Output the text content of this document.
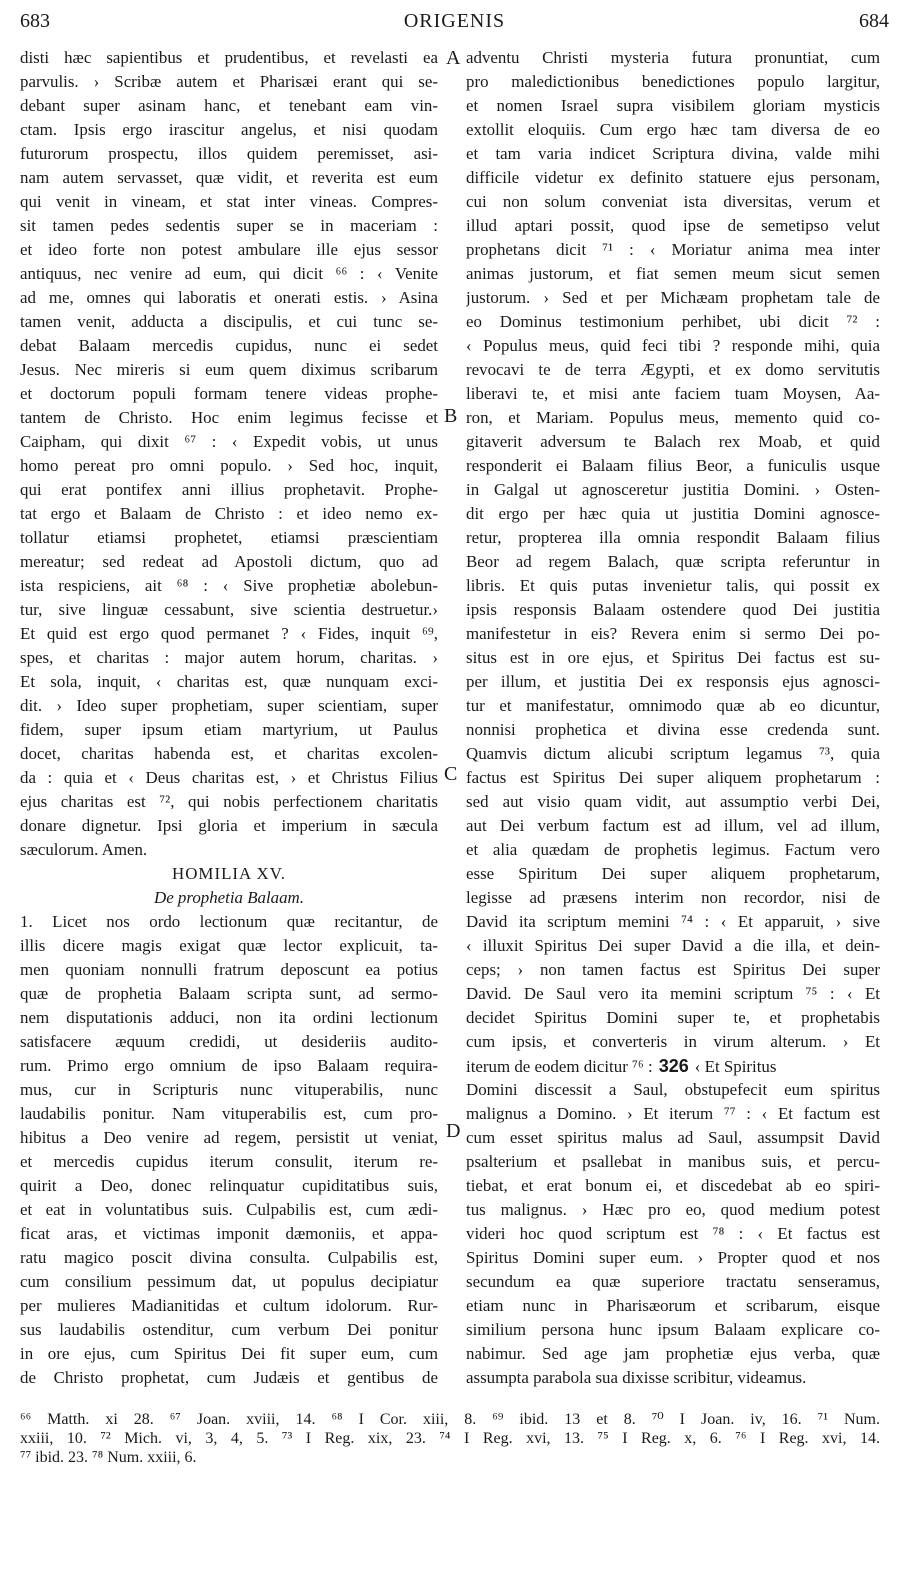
683	ORIGENIS	684
A
B
C
D
disti hæc sapientibus et prudentibus, et revelasti ea
parvulis. › Scribæ autem et Pharisæi erant qui se-
debant super asinam hanc, et tenebant eam vin-
ctam. Ipsis ergo irascitur angelus, et nisi quodam
futurorum prospectu, illos quidem peremisset, asi-
nam autem servasset, quæ vidit, et reverita est eum
qui venit in vineam, et stat inter vineas. Compres-
sit tamen pedes sedentis super se in maceriam :
et ideo forte non potest ambulare ille ejus sessor
antiquus, nec venire ad eum, qui dicit ⁶⁶ : ‹ Venite
ad me, omnes qui laboratis et onerati estis. › Asina
tamen venit, adducta a discipulis, et cui tunc se-
debat Balaam mercedis cupidus, nunc ei sedet
Jesus. Nec mireris si eum quem diximus scribarum
et doctorum populi formam tenere videas prophe-
tantem de Christo. Hoc enim legimus fecisse et
Caipham, qui dixit ⁶⁷ : ‹ Expedit vobis, ut unus
homo pereat pro omni populo. › Sed hoc, inquit,
qui erat pontifex anni illius prophetavit. Prophe-
tat ergo et Balaam de Christo : et ideo nemo ex-
tollatur etiamsi prophetet, etiamsi præscientiam
mereatur; sed redeat ad Apostoli dictum, quo ad
ista respiciens, ait ⁶⁸ : ‹ Sive prophetiæ abolebun-
tur, sive linguæ cessabunt, sive scientia destruetur.›
Et quid est ergo quod permanet ? ‹ Fides, inquit ⁶⁹,
spes, et charitas : major autem horum, charitas. ›
Et sola, inquit, ‹ charitas est, quæ nunquam exci-
dit. › Ideo super prophetiam, super scientiam, super
fidem, super ipsum etiam martyrium, ut Paulus
docet, charitas habenda est, et charitas excolen-
da : quia et ‹ Deus charitas est, › et Christus Filius
ejus charitas est ⁷², qui nobis perfectionem charitatis
donare dignetur. Ipsi gloria et imperium in sæcula
sæculorum. Amen.
HOMILIA XV.
De prophetia Balaam.
1. Licet nos ordo lectionum quæ recitantur, de
illis dicere magis exigat quæ lector explicuit, ta-
men quoniam nonnulli fratrum deposcunt ea potius
quæ de prophetia Balaam scripta sunt, ad sermo-
nem disputationis adduci, non ita ordini lectionum
satisfacere æquum credidi, ut desideriis audito-
rum. Primo ergo omnium de ipso Balaam requira-
mus, cur in Scripturis nunc vituperabilis, nunc
laudabilis ponitur. Nam vituperabilis est, cum pro-
hibitus a Deo venire ad regem, persistit ut veniat,
et mercedis cupidus iterum consulit, iterum re-
quirit a Deo, donec relinquatur cupiditatibus suis,
et eat in voluntatibus suis. Culpabilis est, cum ædi-
ficat aras, et victimas imponit dæmoniis, et appa-
ratu magico poscit divina consulta. Culpabilis est,
cum consilium pessimum dat, ut populus decipiatur
per mulieres Madianitidas et cultum idolorum. Rur-
sus laudabilis ostenditur, cum verbum Dei ponitur
in ore ejus, cum Spiritus Dei fit super eum, cum
de Christo prophetat, cum Judæis et gentibus de
adventu Christi mysteria futura pronuntiat, cum
pro maledictionibus benedictiones populo largitur,
et nomen Israel supra visibilem gloriam mysticis
extollit eloquiis. Cum ergo hæc tam diversa de eo
et tam varia indicet Scriptura divina, valde mihi
difficile videtur ex definito statuere ejus personam,
cui non solum conveniat ista diversitas, verum et
illud aptari possit, quod ipse de semetipso velut
prophetans dicit ⁷¹ : ‹ Moriatur anima mea inter
animas justorum, et fiat semen meum sicut semen
justorum. › Sed et per Michæam prophetam tale de
eo Dominus testimonium perhibet, ubi dicit ⁷² :
‹ Populus meus, quid feci tibi ? responde mihi, quia
revocavi te de terra Ægypti, et ex domo servitutis
liberavi te, et misi ante faciem tuam Moysen, Aa-
ron, et Mariam. Populus meus, memento quid co-
gitaverit adversum te Balach rex Moab, et quid
responderit ei Balaam filius Beor, a funiculis usque
in Galgal ut agnosceretur justitia Domini. › Osten-
dit ergo per hæc quia ut justitia Domini agnosce-
retur, propterea illa omnia respondit Balaam filius
Beor ad regem Balach, quæ scripta referuntur in
libris. Et quis putas invenietur talis, qui possit ex
ipsis responsis Balaam ostendere quod Dei justitia
manifestetur in eis? Revera enim si sermo Dei po-
situs est in ore ejus, et Spiritus Dei factus est su-
per illum, et justitia Dei ex responsis ejus agnosci-
tur et manifestatur, omnimodo quæ ab eo dicuntur,
nonnisi prophetica et divina esse credenda sunt.
Quamvis dictum alicubi scriptum legamus ⁷³, quia
factus est Spiritus Dei super aliquem prophetarum :
sed aut visio quam vidit, aut assumptio verbi Dei,
aut Dei verbum factum est ad illum, vel ad illum,
et alia quædam de prophetis legimus. Factum vero
esse Spiritum Dei super aliquem prophetarum,
legisse ad præsens interim non recordor, nisi de
David ita scriptum memini ⁷⁴ : ‹ Et apparuit, › sive
‹ illuxit Spiritus Dei super David a die illa, et dein-
ceps; › non tamen factus est Spiritus Dei super
David. De Saul vero ita memini scriptum ⁷⁵ : ‹ Et
decidet Spiritus Domini super te, et prophetabis
cum ipsis, et converteris in virum alterum. › Et
iterum de eodem dicitur ⁷⁶ : 326 ‹ Et Spiritus
Domini discessit a Saul, obstupefecit eum spiritus
malignus a Domino. › Et iterum ⁷⁷ : ‹ Et factum est
cum esset spiritus malus ad Saul, assumpsit David
psalterium et psallebat in manibus suis, et percu-
tiebat, et erat bonum ei, et discedebat ab eo spiri-
tus malignus. › Hæc pro eo, quod medium potest
videri hoc quod scriptum est ⁷⁸ : ‹ Et factus est
Spiritus Domini super eum. › Propter quod et nos
secundum ea quæ superiore tractatu senseramus,
etiam nunc in Pharisæorum et scribarum, eisque
similium persona hunc ipsum Balaam explicare co-
nabimur. Sed age jam prophetiæ ejus verba, quæ
assumpta parabola sua dixisse scribitur, videamus.
⁶⁶ Matth. xi 28. ⁶⁷ Joan. xviii, 14. ⁶⁸ I Cor. xiii, 8. ⁶⁹ ibid. 13 et 8. ⁷⁰ I Joan. iv, 16. ⁷¹ Num.
xxiii, 10. ⁷² Mich. vi, 3, 4, 5. ⁷³ I Reg. xix, 23. ⁷⁴ I Reg. xvi, 13. ⁷⁵ I Reg. x, 6. ⁷⁶ I Reg. xvi, 14.
⁷⁷ ibid. 23. ⁷⁸ Num. xxiii, 6.
